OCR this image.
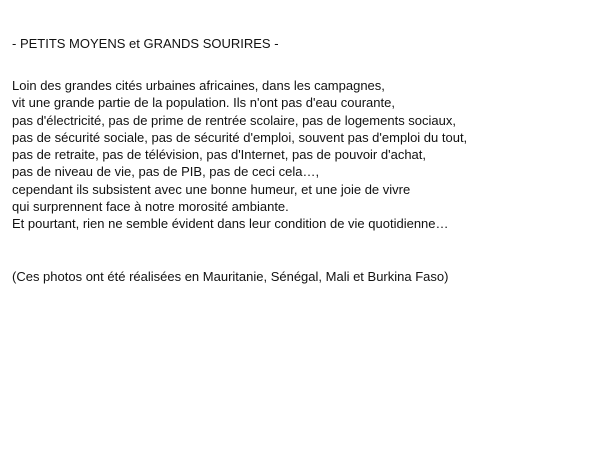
- PETITS MOYENS et GRANDS SOURIRES -
Loin des grandes cités urbaines africaines, dans les campagnes,
vit une grande partie de la population. Ils n'ont pas d'eau courante,
pas d'électricité, pas de prime de rentrée scolaire, pas de logements sociaux,
pas de sécurité sociale, pas de sécurité d'emploi, souvent pas d'emploi du tout,
pas de retraite, pas de télévision, pas d'Internet, pas de pouvoir d'achat,
pas de niveau de vie, pas de PIB, pas de ceci cela…,
cependant ils subsistent avec une bonne humeur, et une joie de vivre
qui surprennent face à notre morosité ambiante.
Et pourtant, rien ne semble évident dans leur condition de vie quotidienne…
(Ces photos ont été réalisées en Mauritanie, Sénégal, Mali et Burkina Faso)
